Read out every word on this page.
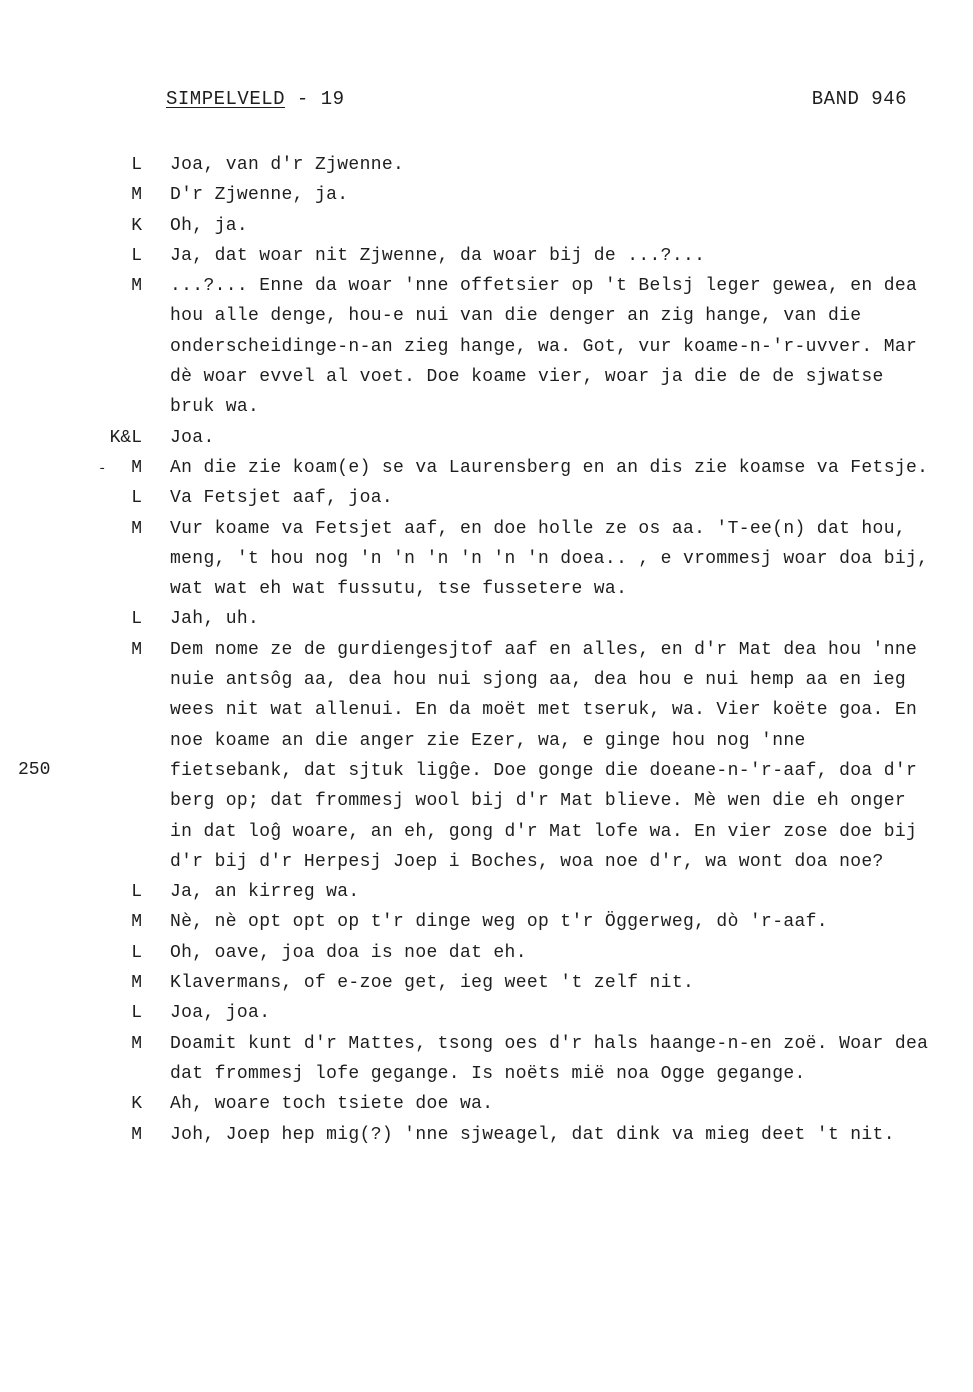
SIMPELVELD - 19	BAND 946
250
-
L Joa, van d'r Zjwenne.
M D'r Zjwenne, ja.
K Oh, ja.
L Ja, dat woar nit Zjwenne, da woar bij de ...?...
M ...?... Enne da woar 'nne offetsier op 't Belsj leger gewea, en dea hou alle denge, hou-e nui van die denger an zig hange, van die onderscheidinge-n-an zieg hange, wa. Got, vur koame-n-'r-uvver. Mar dè woar evvel al voet. Doe koame vier, woar ja die de de sjwatse bruk wa.
K&L Joa.
M An die zie koam(e) se va Laurensberg en an dis zie koamse va Fetsje.
L Va Fetsjet aaf, joa.
M Vur koame va Fetsjet aaf, en doe holle ze os aa. 'T-ee(n) dat hou, meng, 't hou nog 'n 'n 'n 'n 'n 'n doea.. , e vrommesj woar doa bij, wat wat eh wat fussutu, tse fussetere wa.
L Jah, uh.
M Dem nome ze de gurdiengesjtof aaf en alles, en d'r Mat dea hou 'nne nuie antsôg aa, dea hou nui sjong aa, dea hou e nui hemp aa en ieg wees nit wat allenui. En da moët met tseruk, wa. Vier koëte goa. En noe koame an die anger zie Ezer, wa, e ginge hou nog 'nne fietsebank, dat sjtuk ligĝe. Doe gonge die doeane-n-'r-aaf, doa d'r berg op; dat frommesj wool bij d'r Mat blieve. Mè wen die eh onger in dat loĝ woare, an eh, gong d'r Mat lofe wa. En vier zose doe bij d'r bij d'r Herpesj Joep i Boches, woa noe d'r, wa wont doa noe?
L Ja, an kirreg wa.
M Nè, nè opt opt op t'r dinge weg op t'r Öggerweg, dò 'r-aaf.
L Oh, oave, joa doa is noe dat eh.
M Klavermans, of e-zoe get, ieg weet 't zelf nit.
L Joa, joa.
M Doamit kunt d'r Mattes, tsong oes d'r hals haange-n-en zoë. Woar dea dat frommesj lofe gegange. Is noëts mië noa Ogge gegange.
K Ah, woare toch tsiete doe wa.
M Joh, Joep hep mig(?) 'nne sjweagel, dat dink va mieg deet 't nit.
